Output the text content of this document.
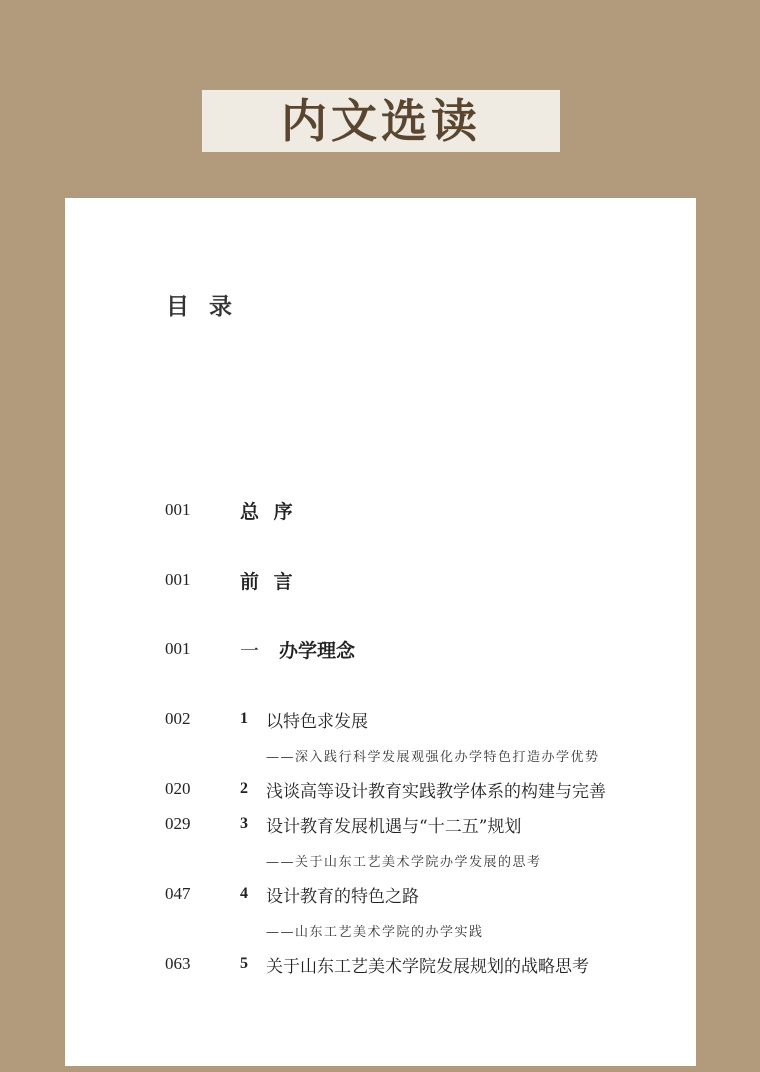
内文选读
目 录
001	总 序
001	前 言
001	一 办学理念
002	1 以特色求发展
——深入践行科学发展观强化办学特色打造办学优势
020	2 浅谈高等设计教育实践教学体系的构建与完善
029	3 设计教育发展机遇与“十二五”规划
——关于山东工艺美术学院办学发展的思考
047	4 设计教育的特色之路
——山东工艺美术学院的办学实践
063	5 关于山东工艺美术学院发展规划的战略思考
